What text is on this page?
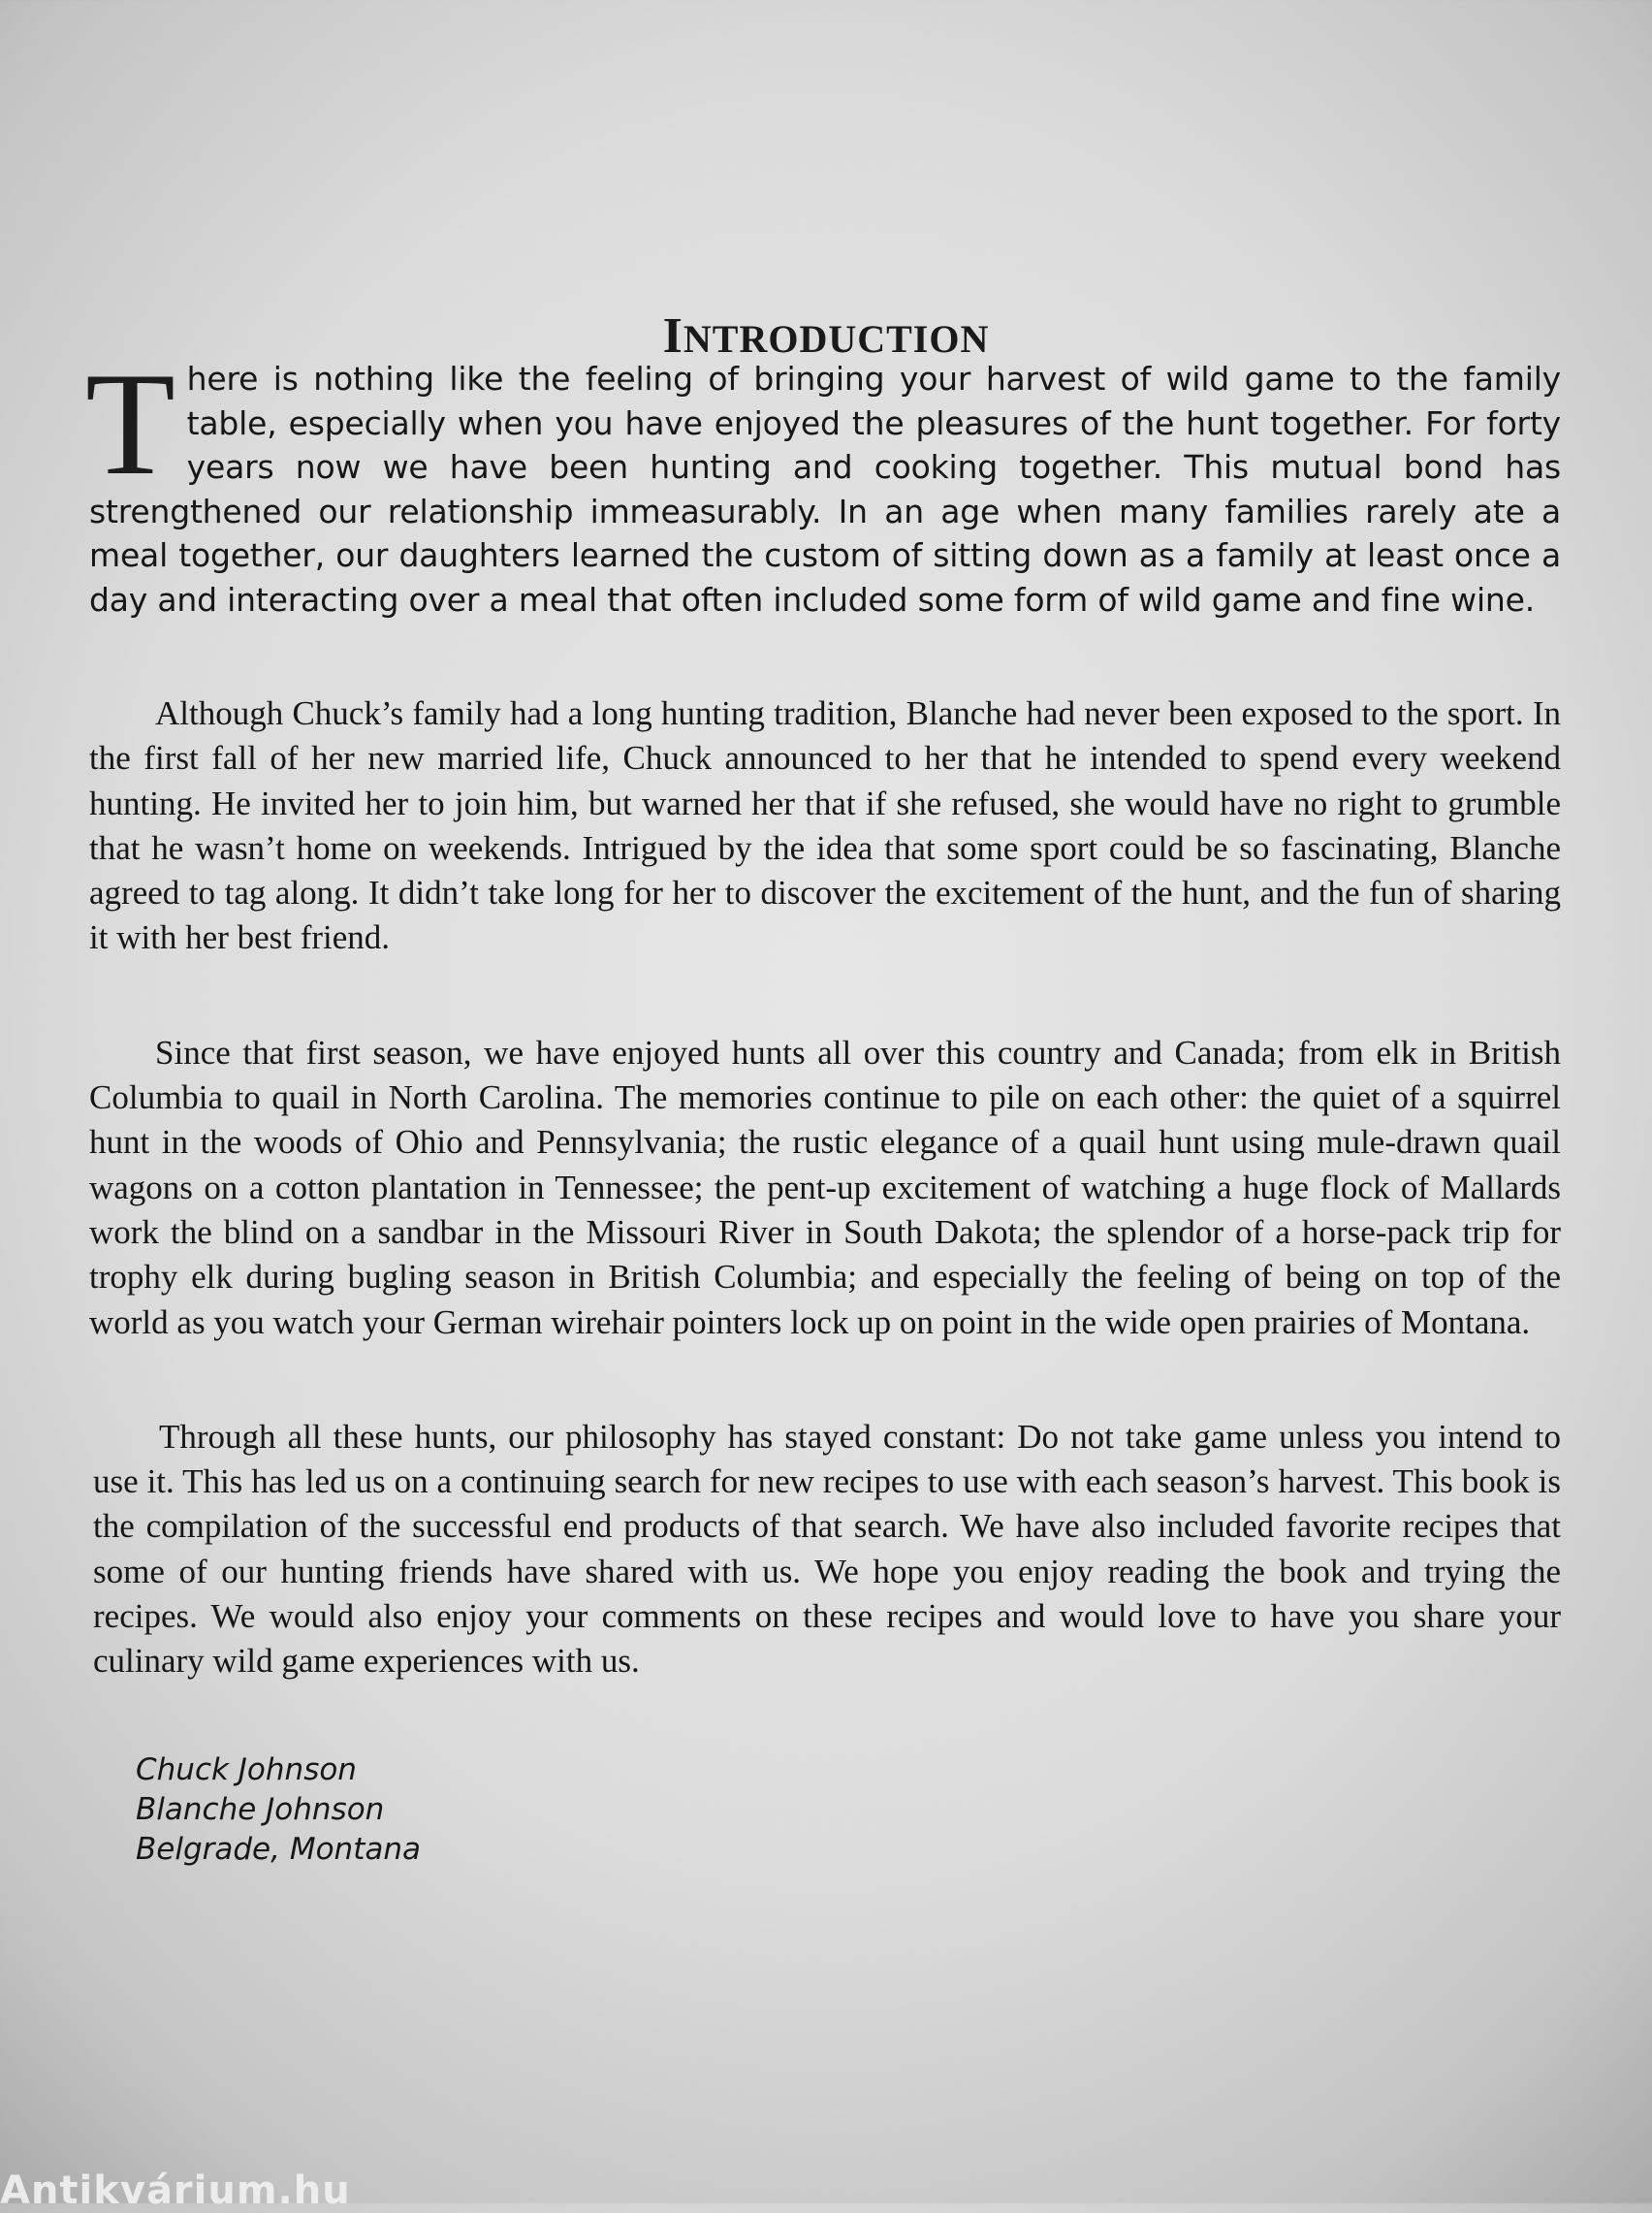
INTRODUCTION

There is nothing like the feeling of bringing your harvest of wild game to the family table, especially when you have enjoyed the pleasures of the hunt together. For forty years now we have been hunting and cooking together. This mutual bond has strengthened our relationship immeasurably. In an age when many families rarely ate a meal together, our daughters learned the custom of sitting down as a family at least once a day and interacting over a meal that often included some form of wild game and fine wine.

Although Chuck’s family had a long hunting tradition, Blanche had never been exposed to the sport. In the first fall of her new married life, Chuck announced to her that he intended to spend every weekend hunting. He invited her to join him, but warned her that if she refused, she would have no right to grumble that he wasn’t home on weekends. Intrigued by the idea that some sport could be so fascinating, Blanche agreed to tag along. It didn’t take long for her to discover the excitement of the hunt, and the fun of sharing it with her best friend.

Since that first season, we have enjoyed hunts all over this country and Canada; from elk in British Columbia to quail in North Carolina. The memories continue to pile on each other: the quiet of a squirrel hunt in the woods of Ohio and Pennsylvania; the rustic elegance of a quail hunt using mule-drawn quail wagons on a cotton plantation in Tennessee; the pent-up excitement of watching a huge flock of Mallards work the blind on a sandbar in the Missouri River in South Dakota; the splendor of a horse-pack trip for trophy elk during bugling season in British Columbia; and especially the feeling of being on top of the world as you watch your German wirehair pointers lock up on point in the wide open prairies of Montana.

Through all these hunts, our philosophy has stayed constant: Do not take game unless you intend to use it. This has led us on a continuing search for new recipes to use with each season’s harvest. This book is the compilation of the successful end products of that search. We have also included favorite recipes that some of our hunting friends have shared with us. We hope you enjoy reading the book and trying the recipes. We would also enjoy your comments on these recipes and would love to have you share your culinary wild game experiences with us.

Chuck Johnson
Blanche Johnson
Belgrade, Montana
Antikvárium.hu
